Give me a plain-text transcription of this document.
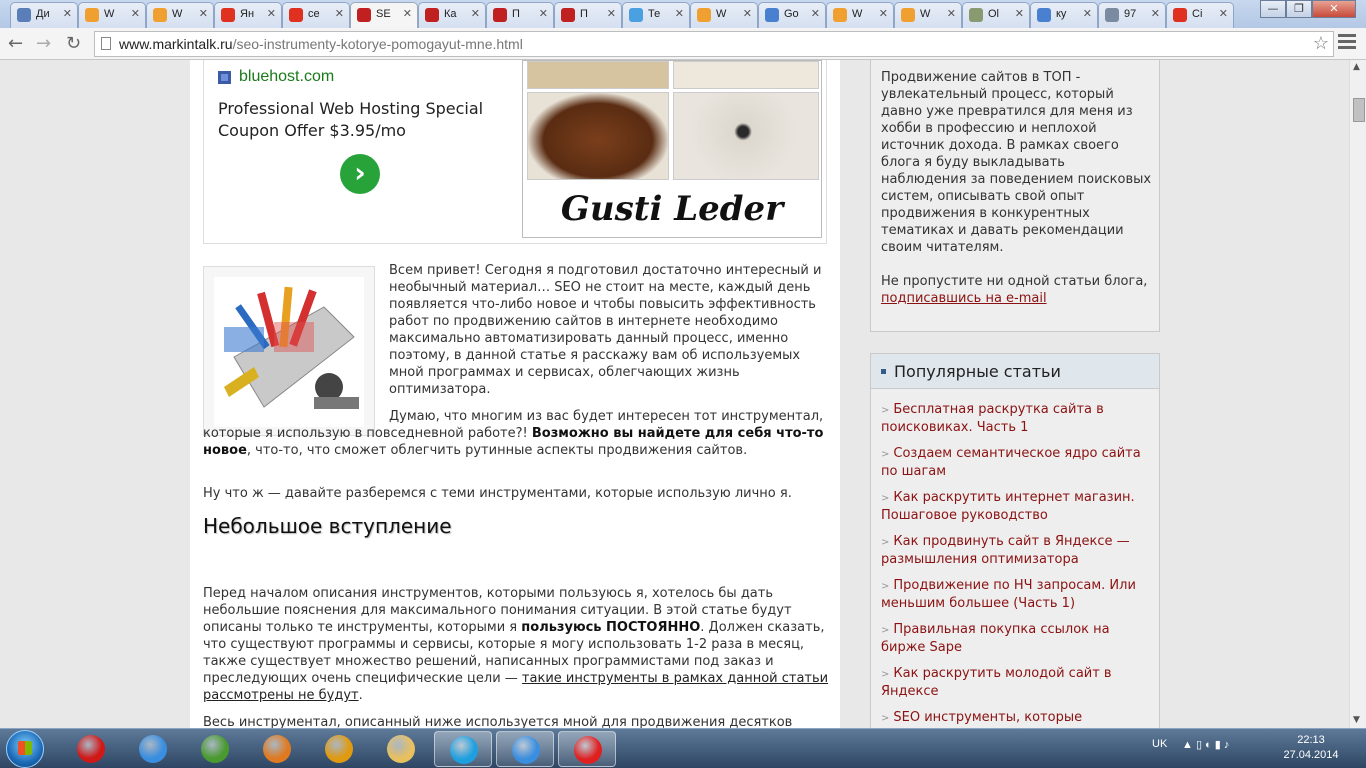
Ди ✕	W ✕	W ✕	Ян ✕	се ✕	SE ✕	Ка ✕	П ✕	П ✕	Те ✕	W ✕	Go ✕	W ✕	W ✕	Ol ✕	ку ✕	97 ✕	Ci ✕	—	❐	✕
← → ↻	www.markintalk.ru/seo-instrumenty-kotorye-pomogayut-mne.html	☆
bluehost.com
Professional Web Hosting Special Coupon Offer $3.95/mo
›
Gusti Leder
Всем привет! Сегодня я подготовил достаточно интересный и необычный материал… SEO не стоит на месте, каждый день появляется что-либо новое и чтобы повысить эффективность работ по продвижению сайтов в интернете необходимо максимально автоматизировать данный процесс, именно поэтому, в данной статье я расскажу вам об используемых мной программах и сервисах, облегчающих жизнь оптимизатора.
Думаю, что многим из вас будет интересен тот инструментал, которые я использую в повседневной работе?! Возможно вы найдете для себя что-то новое, что-то, что сможет облегчить рутинные аспекты продвижения сайтов.
Ну что ж — давайте разберемся с теми инструментами, которые использую лично я.
Небольшое вступление
Перед началом описания инструментов, которыми пользуюсь я, хотелось бы дать небольшие пояснения для максимального понимания ситуации. В этой статье будут описаны только те инструменты, которыми я пользуюсь ПОСТОЯННО. Должен сказать, что существуют программы и сервисы, которые я могу использовать 1-2 раза в месяц, также существует множество решений, написанных программистами под заказ и преследующих очень специфические цели — такие инструменты в рамках данной статьи рассмотрены не будут.
Весь инструментал, описанный ниже используется мной для продвижения десятков
Продвижение сайтов в ТОП - увлекательный процесс, который давно уже превратился для меня из хобби в профессию и неплохой источник дохода. В рамках своего блога я буду выкладывать наблюдения за поведением поисковых систем, описывать свой опыт продвижения в конкурентных тематиках и давать рекомендации своим читателям.
Не пропустите ни одной статьи блога,
подписавшись на e-mail
Популярные статьи
> Бесплатная раскрутка сайта в поисковиках. Часть 1
> Создаем семантическое ядро сайта по шагам
> Как раскрутить интернет магазин. Пошаговое руководство
> Как продвинуть сайт в Яндексе — размышления оптимизатора
> Продвижение по НЧ запросам. Или меньшим большее (Часть 1)
> Правильная покупка ссылок на бирже Sape
> Как раскрутить молодой сайт в Яндексе
> SEO инструменты, которые
▲
▼
UK ▲ ▯ ◐ ▮ ♪	22:13
27.04.2014
